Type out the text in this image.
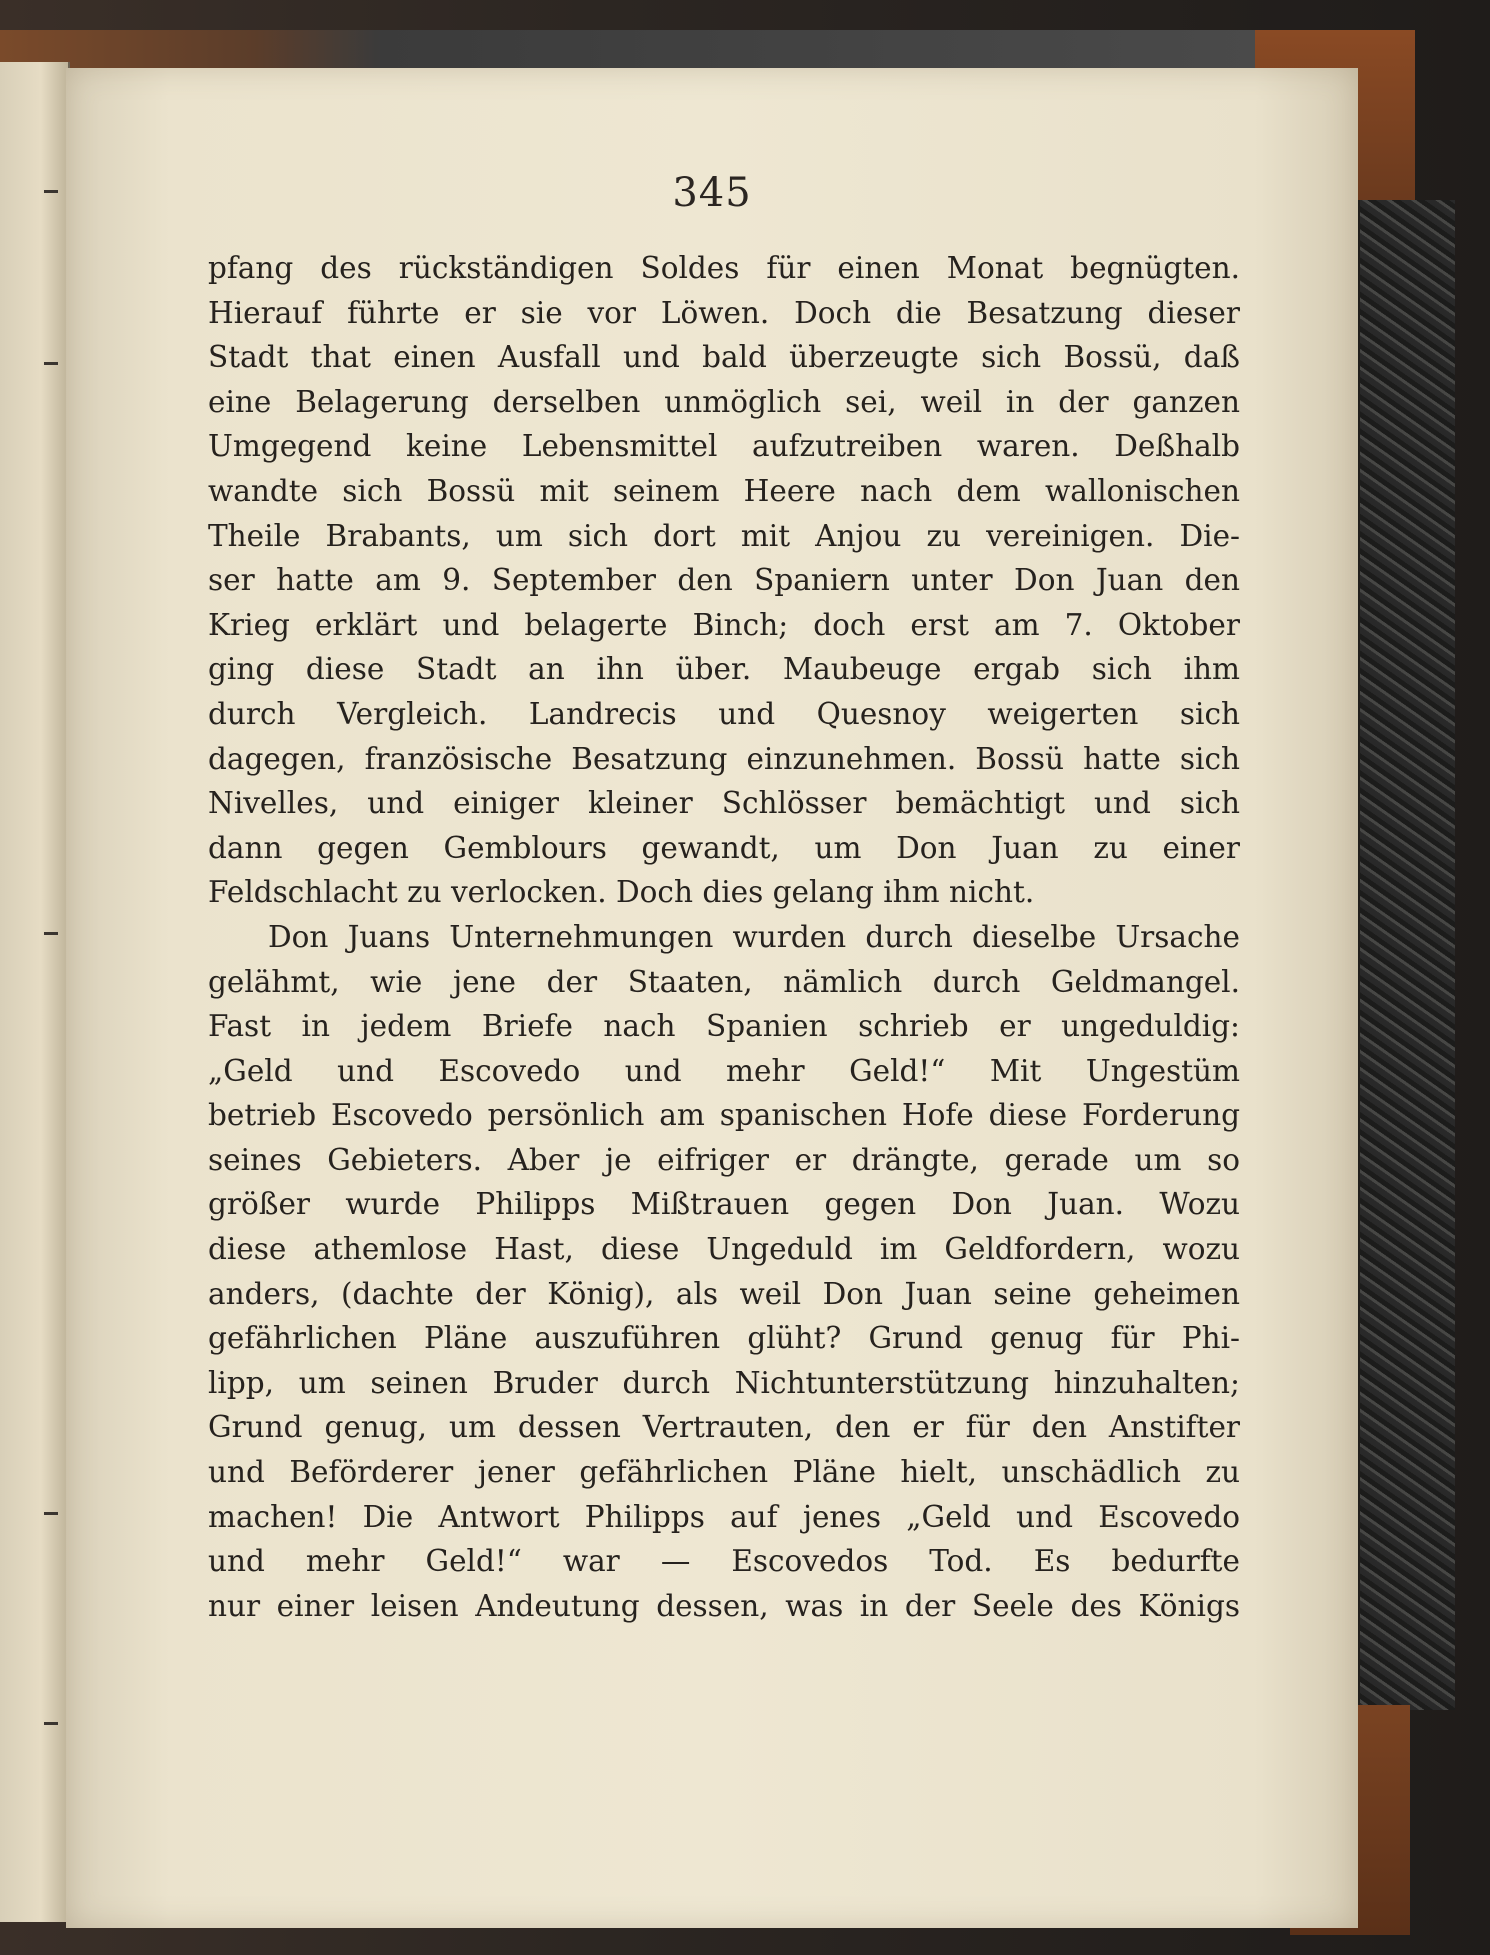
345
pfang des rückständigen Soldes für einen Monat begnügten.
Hierauf führte er sie vor Löwen. Doch die Besatzung dieser
Stadt that einen Ausfall und bald überzeugte sich Bossü, daß
eine Belagerung derselben unmöglich sei, weil in der ganzen
Umgegend keine Lebensmittel aufzutreiben waren. Deßhalb
wandte sich Bossü mit seinem Heere nach dem wallonischen
Theile Brabants, um sich dort mit Anjou zu vereinigen. Die-
ser hatte am 9. September den Spaniern unter Don Juan den
Krieg erklärt und belagerte Binch; doch erst am 7. Oktober
ging diese Stadt an ihn über. Maubeuge ergab sich ihm
durch Vergleich. Landrecis und Quesnoy weigerten sich
dagegen, französische Besatzung einzunehmen. Bossü hatte sich
Nivelles, und einiger kleiner Schlösser bemächtigt und sich
dann gegen Gemblours gewandt, um Don Juan zu einer
Feldschlacht zu verlocken. Doch dies gelang ihm nicht.
Don Juans Unternehmungen wurden durch dieselbe Ursache
gelähmt, wie jene der Staaten, nämlich durch Geldmangel.
Fast in jedem Briefe nach Spanien schrieb er ungeduldig:
„Geld und Escovedo und mehr Geld!“ Mit Ungestüm
betrieb Escovedo persönlich am spanischen Hofe diese Forderung
seines Gebieters. Aber je eifriger er drängte, gerade um so
größer wurde Philipps Mißtrauen gegen Don Juan. Wozu
diese athemlose Hast, diese Ungeduld im Geldfordern, wozu
anders, (dachte der König), als weil Don Juan seine geheimen
gefährlichen Pläne auszuführen glüht? Grund genug für Phi-
lipp, um seinen Bruder durch Nichtunterstützung hinzuhalten;
Grund genug, um dessen Vertrauten, den er für den Anstifter
und Beförderer jener gefährlichen Pläne hielt, unschädlich zu
machen! Die Antwort Philipps auf jenes „Geld und Escovedo
und mehr Geld!“ war — Escovedos Tod. Es bedurfte
nur einer leisen Andeutung dessen, was in der Seele des Königs
